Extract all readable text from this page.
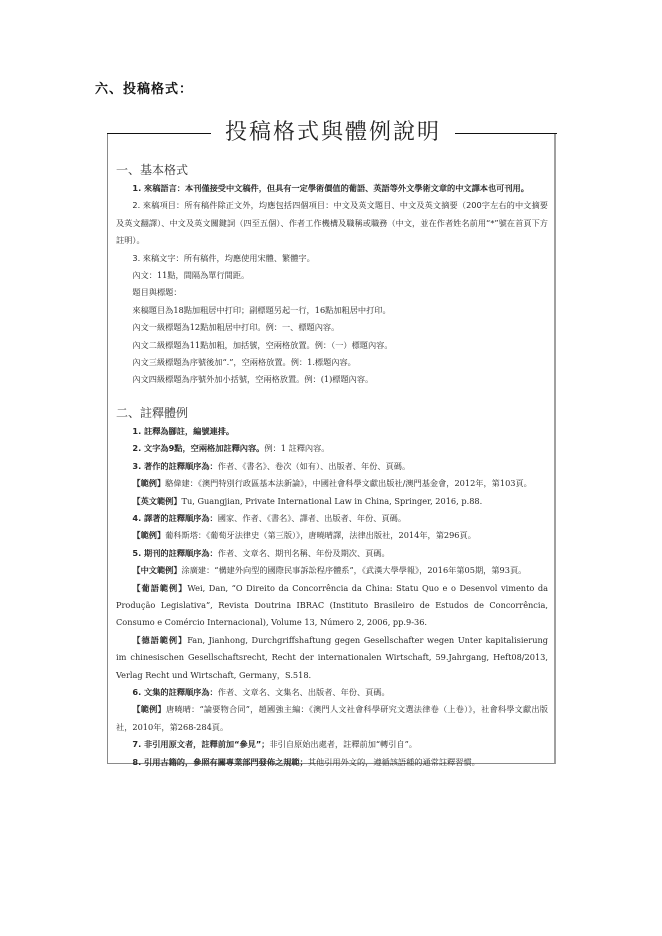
六、投稿格式：
投稿格式與體例說明
一、基本格式
1. 來稿語言：本刊僅接受中文稿件，但具有一定學術價值的葡語、英語等外文學術文章的中文譯本也可刊用。
2. 來稿項目：所有稿件除正文外，均應包括四個項目：中文及英文題目、中文及英文摘要（200字左右的中文摘要及英文翻譯）、中文及英文關鍵詞（四至五個）、作者工作機構及職稱或職務（中文，並在作者姓名前用“*”號在首頁下方註明）。
3. 來稿文字：所有稿件，均應使用宋體、繁體字。
內文：11點，間隔為單行間距。
題目與標題：
來稿題目為18點加粗居中打印；副標題另起一行，16點加粗居中打印。
內文一級標題為12點加粗居中打印。例：一、標題內容。
內文二級標題為11點加粗，加括號，空兩格放置。例：（一）標題內容。
內文三級標題為序號後加“.”，空兩格放置。例：1.標題內容。
內文四級標題為序號外加小括號，空兩格放置。例：(1)標題內容。
二、註釋體例
1. 註釋為腳註，編號連排。
2. 文字為9點，空兩格加註釋內容。例：1 註釋內容。
3. 著作的註釋順序為：作者、《書名》、卷次（如有）、出版者、年份、頁碼。
【範例】駱偉建：《澳門特別行政區基本法新論》，中國社會科學文獻出版社/澳門基金會，2012年，第103頁。
【英文範例】Tu, Guangjian, Private International Law in China, Springer, 2016, p.88.
4. 譯著的註釋順序為：國家、作者、《書名》、譯者、出版者、年份、頁碼。
【範例】葡科斯塔：《葡萄牙法律史（第三版）》，唐曉晴譯，法律出版社，2014年，第296頁。
5. 期刊的註釋順序為：作者、文章名、期刊名稱、年份及期次、頁碼。
【中文範例】涂廣建：“構建外向型的國際民事訴訟程序體系”，《武漢大學學報》，2016年第05期，第93頁。
【葡語範例】Wei, Dan, “O Direito da Concorrência da China: Statu Quo e o Desenvol vimento da Produção Legislativa”, Revista Doutrina IBRAC (Instituto Brasileiro de Estudos de Concorrência, Consumo e Comércio Internacional), Volume 13, Número 2, 2006, pp.9-36.
【德語範例】Fan, Jianhong, Durchgriffshaftung gegen Gesellschafter wegen Unter kapitalisierung im chinesischen Gesellschaftsrecht, Recht der internationalen Wirtschaft, 59.Jahrgang, Heft08/2013, Verlag Recht und Wirtschaft, Germany，S.518.
6. 文集的註釋順序為：作者、文章名、文集名、出版者、年份、頁碼。
【範例】唐曉晴：“論要物合同”，趙國強主編：《澳門人文社會科學研究文選法律卷（上卷）》，社會科學文獻出版社，2010年，第268-284頁。
7. 非引用原文者，註釋前加“參見”；非引自原始出處者，註釋前加“轉引自”。
8. 引用古籍的，參照有關專業部門發佈之規範；其他引用外文的，遵循該語種的通常註釋習慣。
